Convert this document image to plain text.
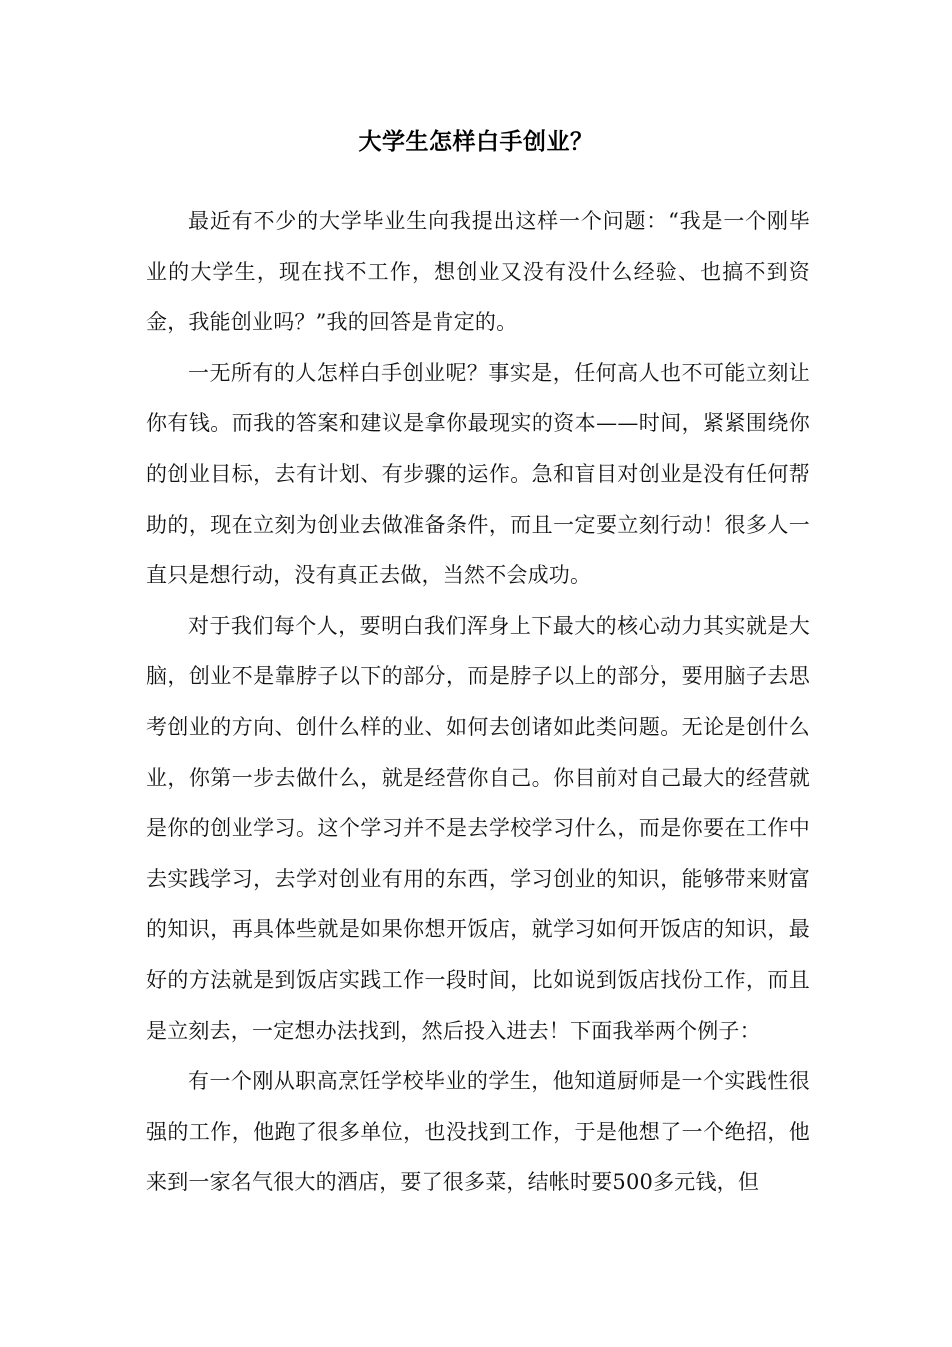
大学生怎样白手创业？

最近有不少的大学毕业生向我提出这样一个问题：“我是一个刚毕业的大学生，现在找不工作，想创业又没有没什么经验、也搞不到资金，我能创业吗？”我的回答是肯定的。

一无所有的人怎样白手创业呢？事实是，任何高人也不可能立刻让你有钱。而我的答案和建议是拿你最现实的资本——时间，紧紧围绕你的创业目标，去有计划、有步骤的运作。急和盲目对创业是没有任何帮助的，现在立刻为创业去做准备条件，而且一定要立刻行动！很多人一直只是想行动，没有真正去做，当然不会成功。

对于我们每个人，要明白我们浑身上下最大的核心动力其实就是大脑，创业不是靠脖子以下的部分，而是脖子以上的部分，要用脑子去思考创业的方向、创什么样的业、如何去创诸如此类问题。无论是创什么业，你第一步去做什么，就是经营你自己。你目前对自己最大的经营就是你的创业学习。这个学习并不是去学校学习什么，而是你要在工作中去实践学习，去学对创业有用的东西，学习创业的知识，能够带来财富的知识，再具体些就是如果你想开饭店，就学习如何开饭店的知识，最好的方法就是到饭店实践工作一段时间，比如说到饭店找份工作，而且是立刻去，一定想办法找到，然后投入进去！下面我举两个例子：

有一个刚从职高烹饪学校毕业的学生，他知道厨师是一个实践性很强的工作，他跑了很多单位，也没找到工作，于是他想了一个绝招，他来到一家名气很大的酒店，要了很多菜，结帐时要500多元钱，但
